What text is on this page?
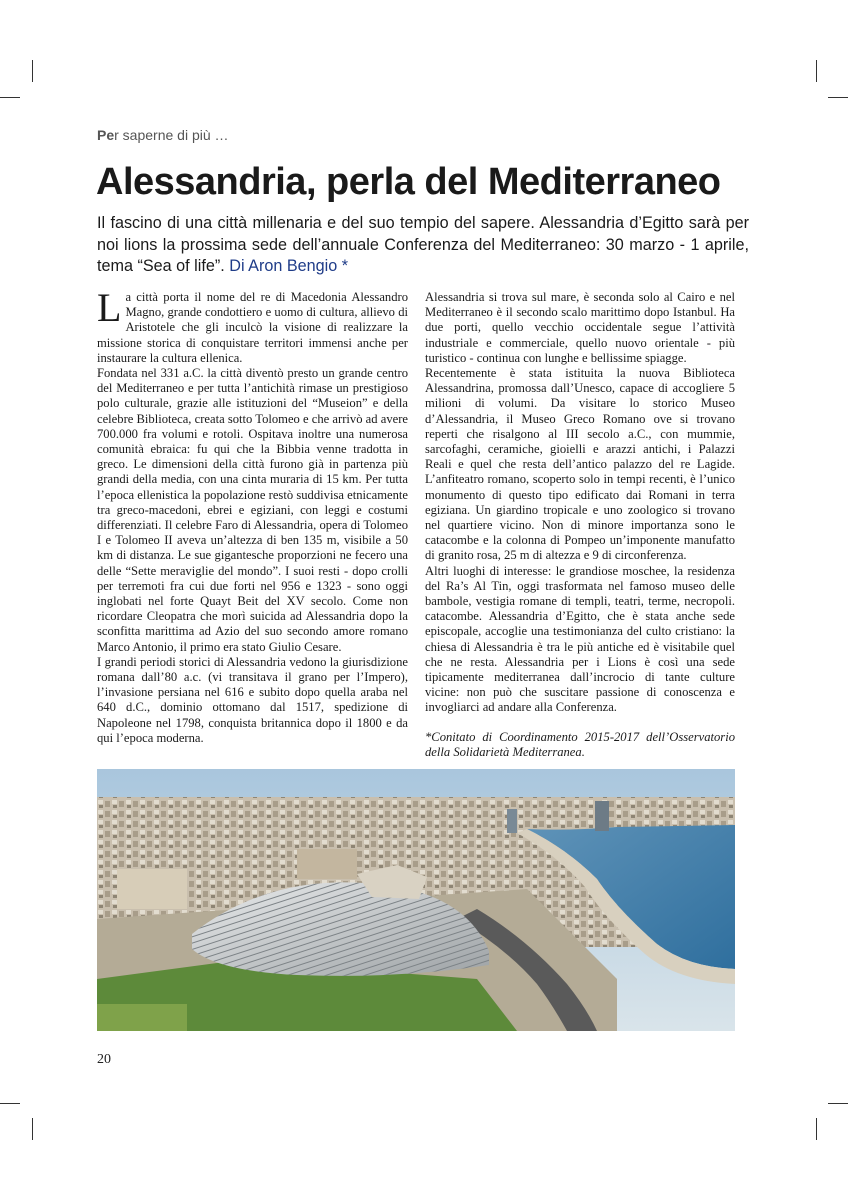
Per saperne di più …
Alessandria, perla del Mediterraneo
Il fascino di una città millenaria e del suo tempio del sapere. Alessandria d’Egitto sarà per noi lions la prossima sede dell’annuale Conferenza del Mediterraneo: 30 marzo - 1 aprile, tema “Sea of life”. Di Aron Bengio *

La città porta il nome del re di Macedonia Alessandro Magno, grande condottiero e uomo di cultura, allievo di Aristotele che gli inculcò la visione di realizzare la missione storica di conquistare territori immensi anche per instaurare la cultura ellenica.

Fondata nel 331 a.C. la città diventò presto un grande centro del Mediterraneo e per tutta l’antichità rimase un prestigioso polo culturale, grazie alle istituzioni del “Museion” e della celebre Biblioteca, creata sotto Tolomeo e che arrivò ad avere 700.000 fra volumi e rotoli. Ospitava inoltre una numerosa comunità ebraica: fu qui che la Bibbia venne tradotta in greco. Le dimensioni della città furono già in partenza più grandi della media, con una cinta muraria di 15 km. Per tutta l’epoca ellenistica la popolazione restò suddivisa etnicamente tra greco-macedoni, ebrei e egiziani, con leggi e costumi differenziati. Il celebre Faro di Alessandria, opera di Tolomeo I e Tolomeo II aveva un’altezza di ben 135 m, visibile a 50 km di distanza. Le sue gigantesche proporzioni ne fecero una delle “Sette meraviglie del mondo”. I suoi resti - dopo crolli per terremoti fra cui due forti nel 956 e 1323 - sono oggi inglobati nel forte Quayt Beit del XV secolo. Come non ricordare Cleopatra che morì suicida ad Alessandria dopo la sconfitta marittima ad Azio del suo secondo amore romano Marco Antonio, il primo era stato Giulio Cesare.

I grandi periodi storici di Alessandria vedono la giurisdizione romana dall’80 a.c. (vi transitava il grano per l’Impero), l’invasione persiana nel 616 e subito dopo quella araba nel 640 d.C., dominio ottomano dal 1517, spedizione di Napoleone nel 1798, conquista britannica dopo il 1800 e da qui l’epoca moderna.

Alessandria si trova sul mare, è seconda solo al Cairo e nel Mediterraneo è il secondo scalo marittimo dopo Istanbul. Ha due porti, quello vecchio occidentale segue l’attività industriale e commerciale, quello nuovo orientale - più turistico - continua con lunghe e bellissime spiagge.

Recentemente è stata istituita la nuova Biblioteca Alessandrina, promossa dall’Unesco, capace di accogliere 5 milioni di volumi. Da visitare lo storico Museo d’Alessandria, il Museo Greco Romano ove si trovano reperti che risalgono al III secolo a.C., con mummie, sarcofaghi, ceramiche, gioielli e arazzi antichi, i Palazzi Reali e quel che resta dell’antico palazzo del re Lagide. L’anfiteatro romano, scoperto solo in tempi recenti, è l’unico monumento di questo tipo edificato dai Romani in terra egiziana. Un giardino tropicale e uno zoologico si trovano nel quartiere vicino. Non di minore importanza sono le catacombe e la colonna di Pompeo un’imponente manufatto di granito rosa, 25 m di altezza e 9 di circonferenza.

Altri luoghi di interesse: le grandiose moschee, la residenza del Ra’s Al Tin, oggi trasformata nel famoso museo delle bambole, vestigia romane di templi, teatri, terme, necropoli. catacombe. Alessandria d’Egitto, che è stata anche sede episcopale, accoglie una testimonianza del culto cristiano: la chiesa di Alessandria è tra le più antiche ed è visitabile quel che ne resta. Alessandria per i Lions è così una sede tipicamente mediterranea dall’incrocio di tante culture vicine: non può che suscitare passione di conoscenza e invogliarci ad andare alla Conferenza.

*Conitato di Coordinamento 2015-2017 dell’Osservatorio della Solidarietà Mediterranea.

20
